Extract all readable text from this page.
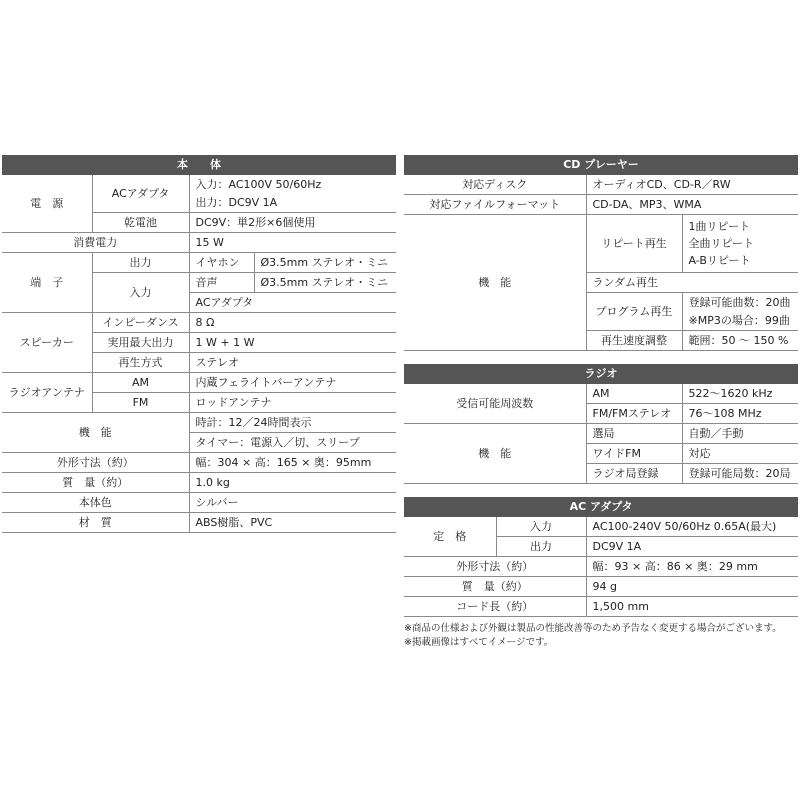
本　　体			
電　源	ACアダプタ	入力：AC100V 50/60Hz
出力：DC9V 1A	

	乾電池	DC9V：単2形×6個使用	
消費電力		15 W	
端　子	出力	イヤホン	Ø3.5mm ステレオ・ミニ
	入力	音声	Ø3.5mm ステレオ・ミニ
		ACアダプタ	
スピーカー	インピーダンス	8 Ω	
	実用最大出力	1 W + 1 W	
	再生方式	ステレオ	
ラジオアンテナ	AM	内蔵フェライトバーアンテナ	
	FM	ロッドアンテナ	
機　能		時計：12／24時間表示	
		タイマー：電源入／切、スリープ	
外形寸法（約）		幅：304 × 高：165 × 奥：95mm	
質　量（約）		1.0 kg	
本体色		シルバー	
材　質		ABS樹脂、PVC	
CD プレーヤー		
対応ディスク	オーディオCD、CD-R／RW	
対応ファイルフォーマット	CD-DA、MP3、WMA	
機　能	リピート再生	1曲リピート
全曲リピート
A-Bリピート

	ランダム再生	
	プログラム再生	登録可能曲数：20曲
※MP3の場合：99曲

	再生速度調整	範囲：50 〜 150 %
ラジオ		
受信可能周波数	AM	522〜1620 kHz
	FM/FMステレオ	76〜108 MHz
機　能	選局	自動／手動
	ワイドFM	対応
	ラジオ局登録	登録可能局数：20局
AC アダプタ		
定　格	入力	AC100-240V 50/60Hz 0.65A(最大)
	出力	DC9V 1A
外形寸法（約）		幅：93 × 高：86 × 奥：29 mm
質　量（約）		94 g
コード長（約）		1,500 mm
※商品の仕様および外観は製品の性能改善等のため予告なく変更する場合がございます。
※掲載画像はすべてイメージです。
